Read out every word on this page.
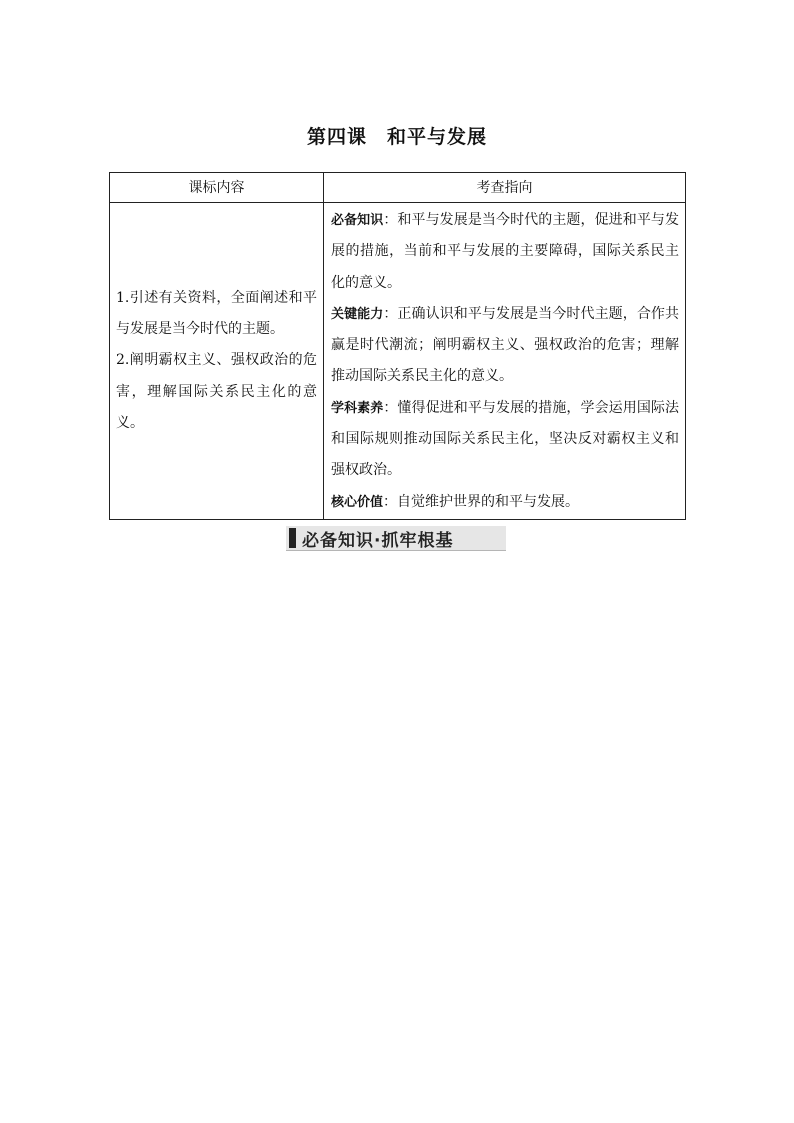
第四课　和平与发展
课标内容	考查指向

1.引述有关资料，全面阐述和平与发展是当今时代的主题。
2.阐明霸权主义、强权政治的危害，理解国际关系民主化的意义。	必备知识：和平与发展是当今时代的主题，促进和平与发展的措施，当前和平与发展的主要障碍，国际关系民主化的意义。
关键能力：正确认识和平与发展是当今时代主题，合作共赢是时代潮流；阐明霸权主义、强权政治的危害；理解推动国际关系民主化的意义。
学科素养：懂得促进和平与发展的措施，学会运用国际法和国际规则推动国际关系民主化，坚决反对霸权主义和强权政治。
核心价值：自觉维护世界的和平与发展。
必备知识·抓牢根基
